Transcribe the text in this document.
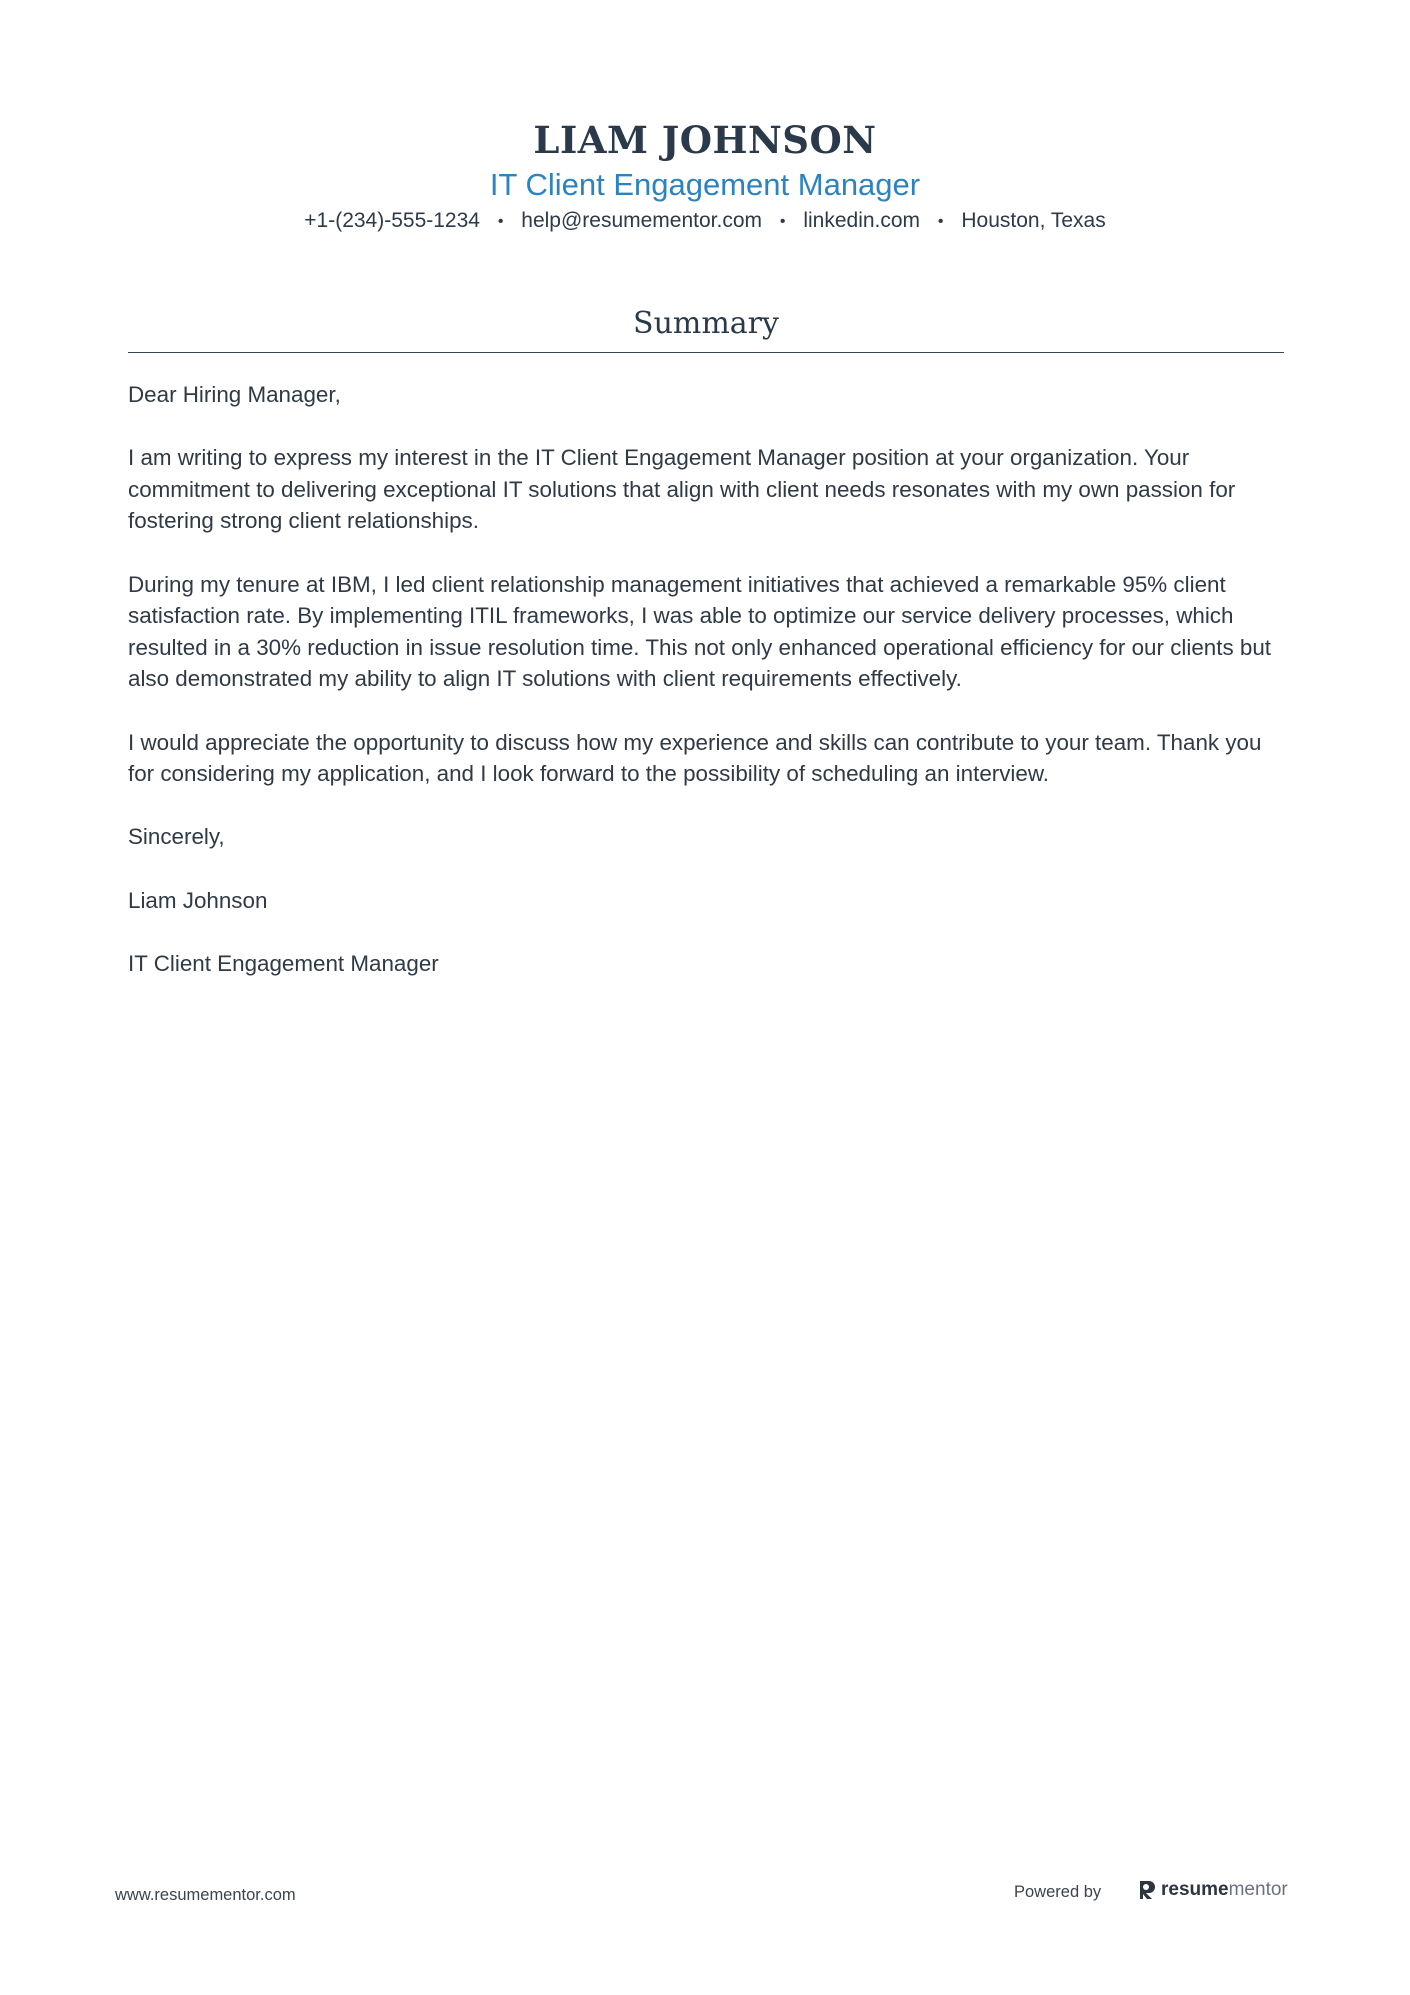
LIAM JOHNSON
IT Client Engagement Manager
+1-(234)-555-1234 • help@resumementor.com • linkedin.com • Houston, Texas
Summary

Dear Hiring Manager,

I am writing to express my interest in the IT Client Engagement Manager position at your organization. Your commitment to delivering exceptional IT solutions that align with client needs resonates with my own passion for fostering strong client relationships.

During my tenure at IBM, I led client relationship management initiatives that achieved a remarkable 95% client satisfaction rate. By implementing ITIL frameworks, I was able to optimize our service delivery processes, which resulted in a 30% reduction in issue resolution time. This not only enhanced operational efficiency for our clients but also demonstrated my ability to align IT solutions with client requirements effectively.

I would appreciate the opportunity to discuss how my experience and skills can contribute to your team. Thank you for considering my application, and I look forward to the possibility of scheduling an interview.

Sincerely,

Liam Johnson

IT Client Engagement Manager

www.resumementor.com	Powered by	resume mentor
